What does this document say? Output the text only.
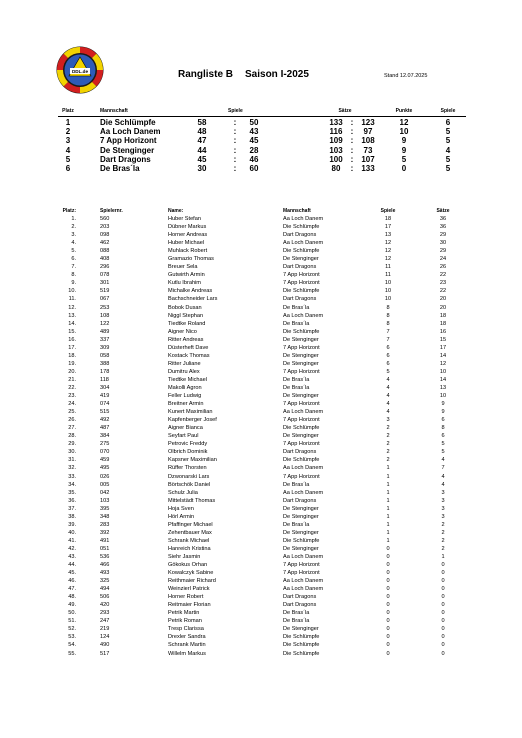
DDL.de	Rangliste B Saison I-2025	Stand 12.07.2025
Platz	Mannschaft	Spiele	Sätze	Punkte	Spiele
1	Die Schlümpfe	58	:	50	133 : 123	12	6
2	Aa Loch Danem	48	:	43	116	:	97	10	5
3	7 App Horizont	47	:	45	109 : 108	9	5
4	De Stenginger	44	:	28	103 :	73	9	4
5	Dart Dragons	45	:	46	100 : 107	5	5
6	De Bras´la	30	:	60	80	: 133	0	5
Platz:	Spielernr.	Name:	Mannschaft	Spiele	Sätze
1.	560	Huber Stefan	Aa Loch Danem	18	36
2.	203	Dübner Markus	Die Schlümpfe	17	36
3.	098	Horner Andreas	Dart Dragons	13	29
4.	462	Huber Michael	Aa Loch Danem	12	30
5.	088	Muhlack Robert	Die Schlümpfe	12	29
6.	408	Gramazio Thomas	De Stenginger	12	24
7.	296	Breuer Sela	Dart Dragons	11	26
8.	078	Gutwirth Armin	7 App Horizont	11	22
9.	301	Kutlu Ibrahim	7 App Horizont	10	23
10.	519	Michalke Andreas	Die Schlümpfe	10	22
11.	067	Bachschneider Lars	Dart Dragons	10	20
12.	253	Bobok Dusan	De Bras´la	8	20
13.	108	Niggl Stephan	Aa Loch Danem	8	18
14.	122	Tiedtke Roland	De Bras´la	8	18
15.	489	Aigner Nico	Die Schlümpfe	7	16
16.	337	Ritter Andreas	De Stenginger	7	15
17.	309	Düsterheft Dave	7 App Horizont	6	17
18.	058	Kostack Thomas	De Stenginger	6	14
19.	388	Ritter Juliane	De Stenginger	6	12
20.	178	Dumitru Alex	7 App Horizont	5	10
21.	118	Tiedtke Michael	De Bras´la	4	14
22.	304	Makolli Agron	De Bras´la	4	13
23.	419	Feller Ludwig	De Stenginger	4	10
24.	074	Breitner Armin	7 App Horizont	4	9
25.	515	Kunert Maximilian	Aa Loch Danem	4	9
26.	492	Kapfenberger Josef	7 App Horizont	3	6
27.	487	Aigner Bianca	Die Schlümpfe	2	8
28.	384	Seyfart Paul	De Stenginger	2	6
29.	275	Petrovic Freddy	7 App Horizont	2	5
30.	070	Olbrich Dominik	Dart Dragons	2	5
31.	459	Kapsner Maximilian	Die Schlümpfe	2	4
32.	495	Rüffer Thorsten	Aa Loch Danem	1	7
33.	026	Dzwonarski Lars	7 App Horizont	1	4
34.	005	Börtschök Daniel	De Bras´la	1	4
35.	042	Schulz Julia	Aa Loch Danem	1	3
36.	103	Mittelstädt Thomas	Dart Dragons	1	3
37.	395	Hoja Sven	De Stenginger	1	3
38.	348	Hörl Armin	De Stenginger	1	3
39.	283	Pfaffinger Michael	De Bras´la	1	2
40.	392	Zehentbauer Max	De Stenginger	1	2
41.	491	Schrank Michael	Die Schlümpfe	1	2
42.	051	Hanreich Kristina	De Stenginger	0	2
43.	536	Siehr Jasmin	Aa Loch Danem	0	1
44.	466	Gökokus Orhan	7 App Horizont	0	0
45.	493	Kowalczyk Sabine	7 App Horizont	0	0
46.	325	Reithmaier Richard	Aa Loch Danem	0	0
47.	494	Weinzierl Patrick	Aa Loch Danem	0	0
48.	506	Horner Robert	Dart Dragons	0	0
49.	420	Reitmaier Florian	Dart Dragons	0	0
50.	293	Petrik Martin	De Bras´la	0	0
51.	247	Petrik Roman	De Bras´la	0	0
52.	219	Tresp Clarissa	De Stenginger	0	0
53.	124	Drexler Sandra	Die Schlümpfe	0	0
54.	490	Schrank Martin	Die Schlümpfe	0	0
55.	517	Willelm Markus	Die Schlümpfe	0	0
